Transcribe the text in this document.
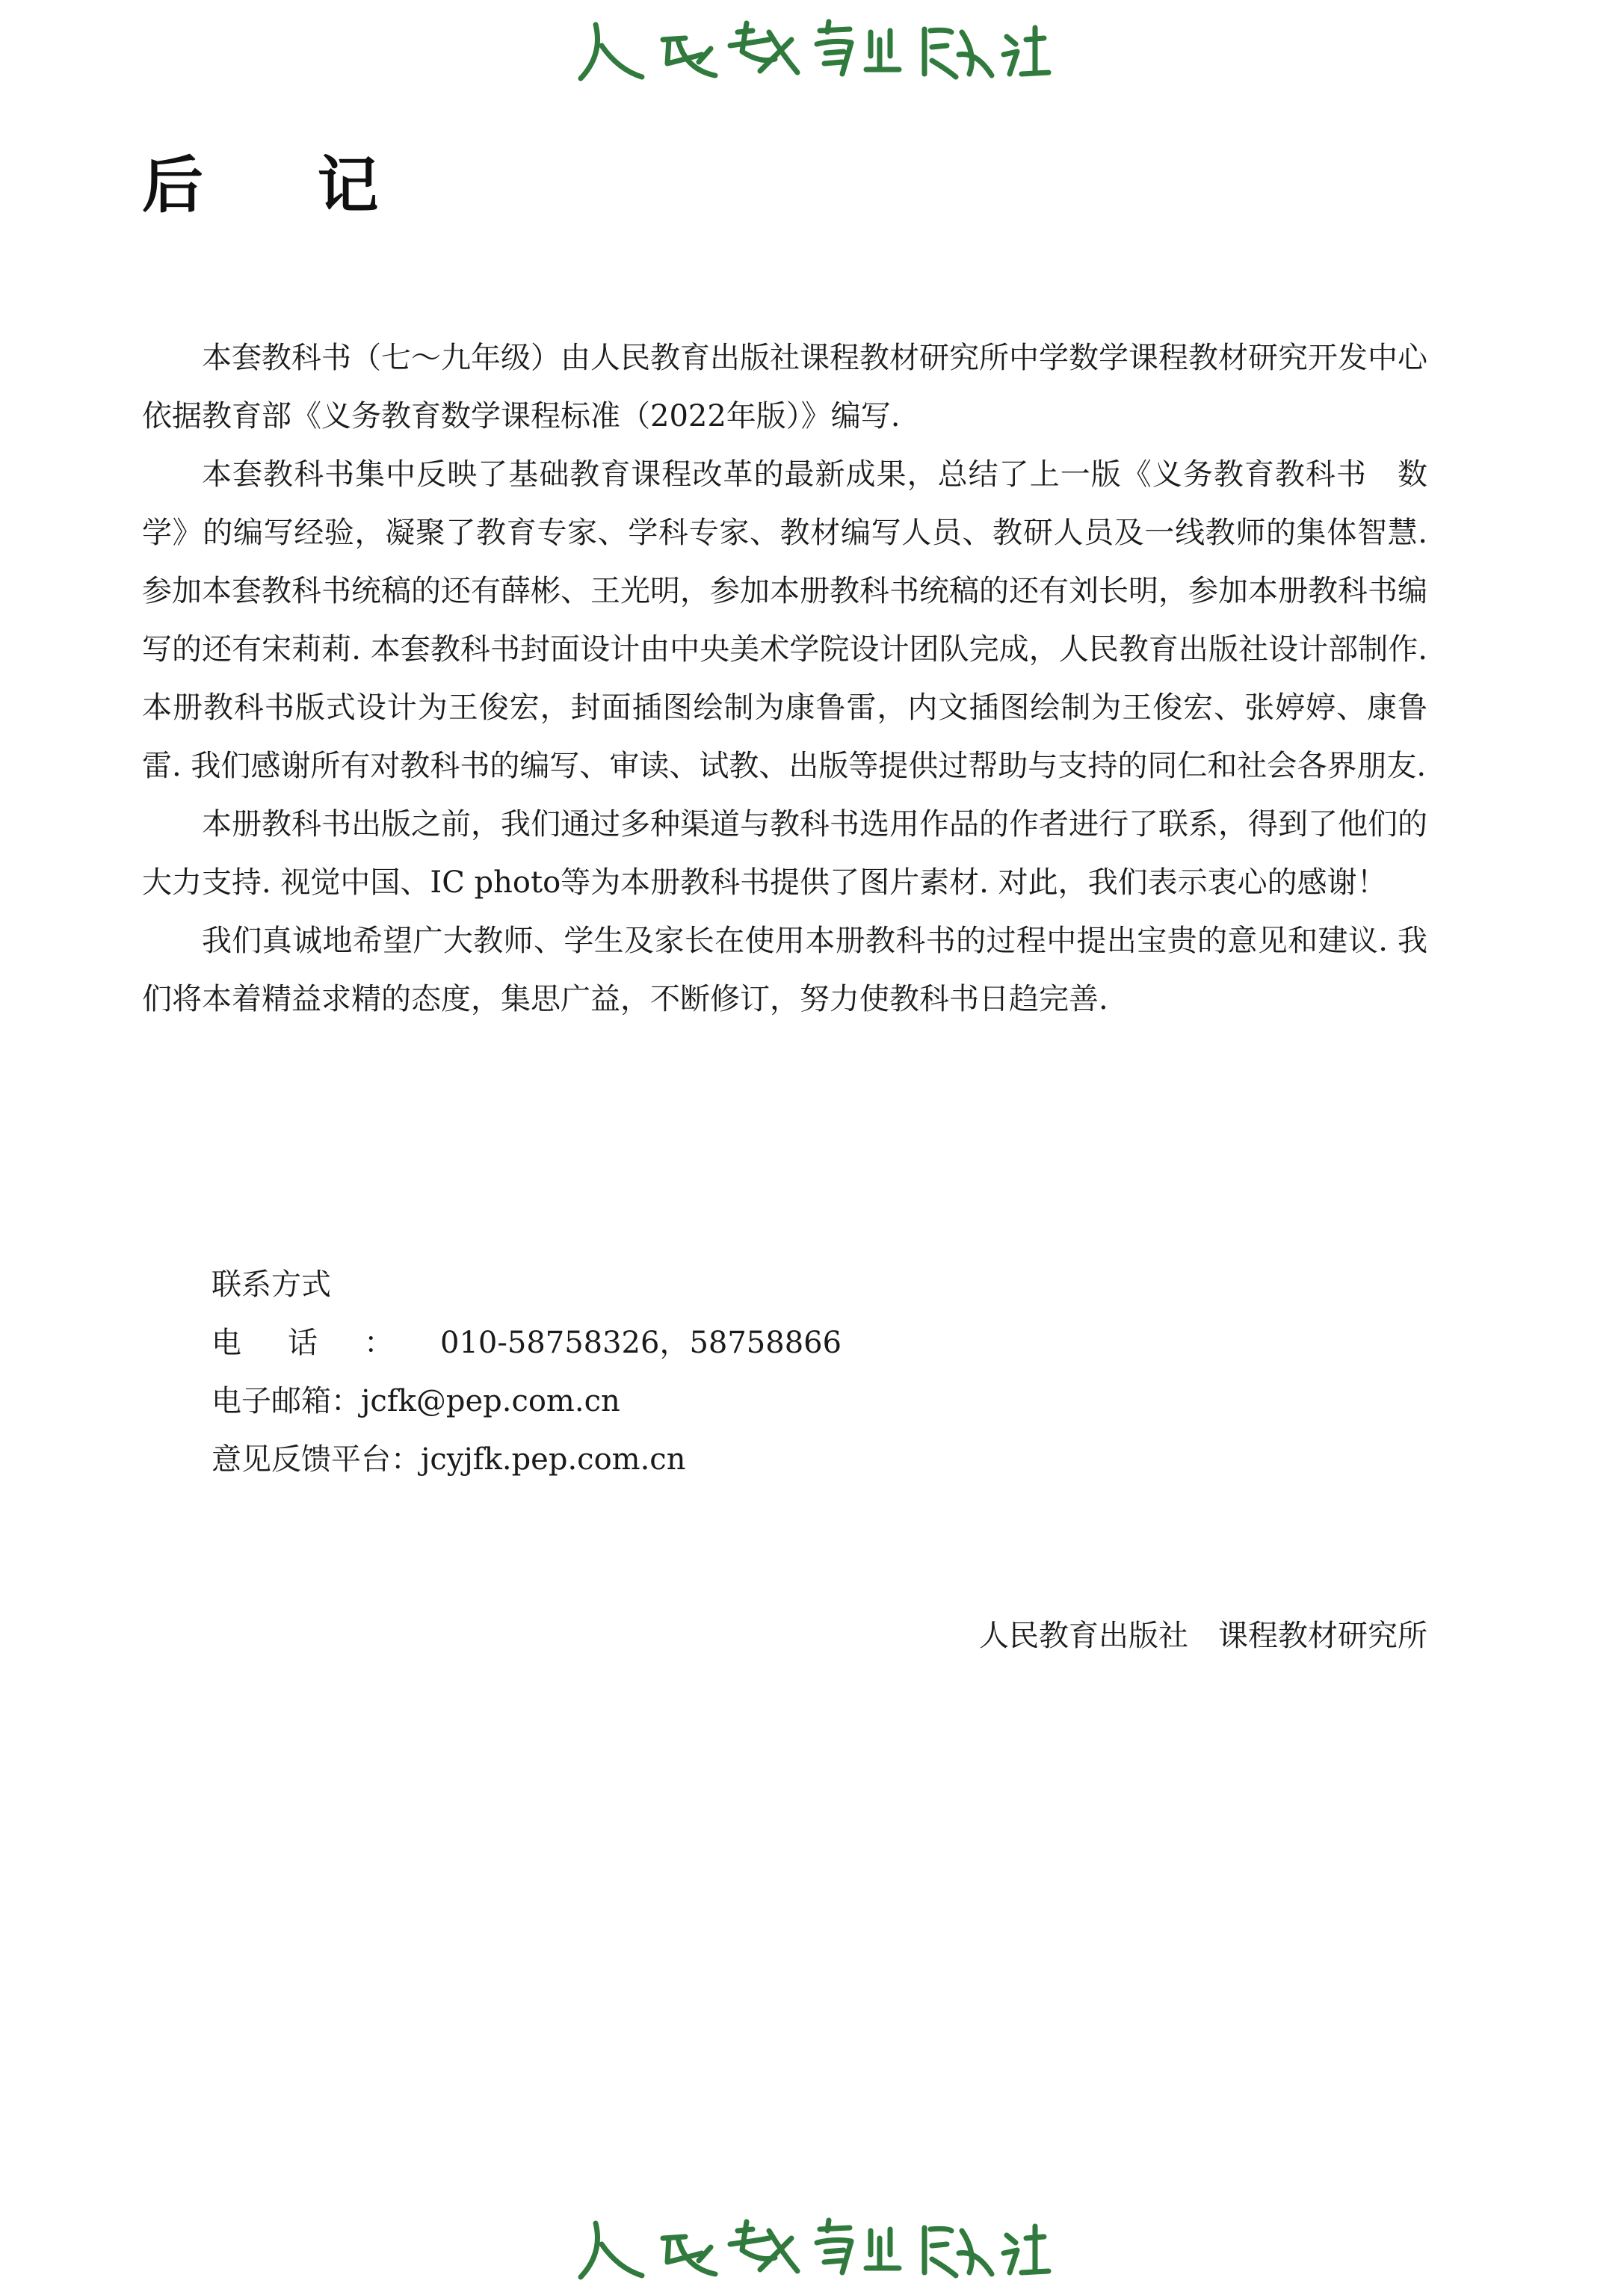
后 记

本套教科书（七～九年级）由人民教育出版社课程教材研究所中学数学课程教材研究开发中心依据教育部《义务教育数学课程标准（2022年版）》编写.

本套教科书集中反映了基础教育课程改革的最新成果，总结了上一版《义务教育教科书　数学》的编写经验，凝聚了教育专家、学科专家、教材编写人员、教研人员及一线教师的集体智慧. 参加本套教科书统稿的还有薛彬、王光明，参加本册教科书统稿的还有刘长明，参加本册教科书编写的还有宋莉莉. 本套教科书封面设计由中央美术学院设计团队完成，人民教育出版社设计部制作. 本册教科书版式设计为王俊宏，封面插图绘制为康鲁雷，内文插图绘制为王俊宏、张婷婷、康鲁雷. 我们感谢所有对教科书的编写、审读、试教、出版等提供过帮助与支持的同仁和社会各界朋友.

本册教科书出版之前，我们通过多种渠道与教科书选用作品的作者进行了联系，得到了他们的大力支持. 视觉中国、IC photo等为本册教科书提供了图片素材. 对此，我们表示衷心的感谢！

我们真诚地希望广大教师、学生及家长在使用本册教科书的过程中提出宝贵的意见和建议. 我们将本着精益求精的态度，集思广益，不断修订，努力使教科书日趋完善.

联系方式
电话：010-58758326，58758866
电子邮箱：jcfk@pep.com.cn
意见反馈平台：jcyjfk.pep.com.cn
人民教育出版社 课程教材研究所
